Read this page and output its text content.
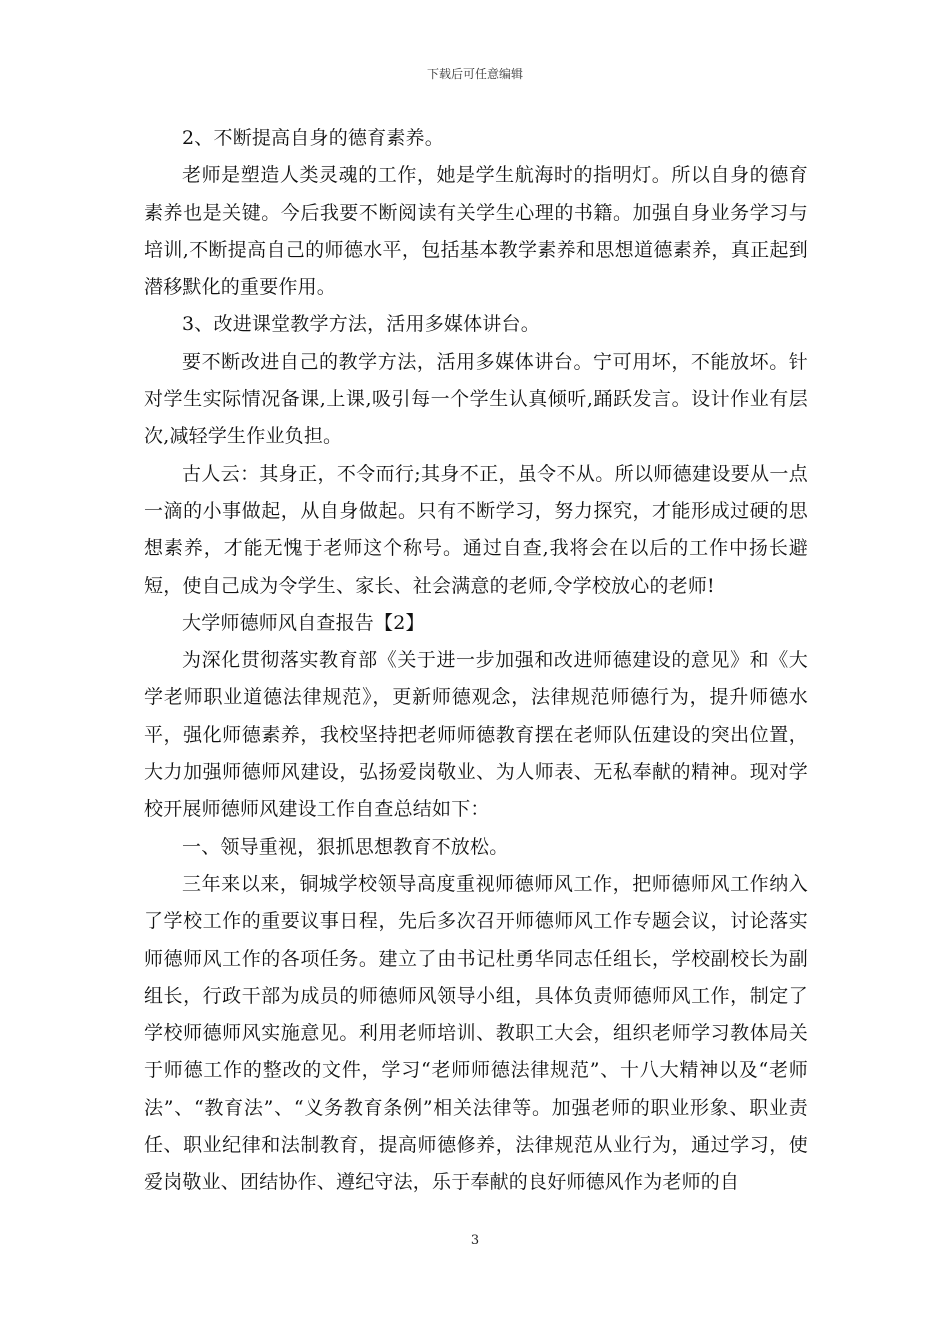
下载后可任意编辑

2、不断提高自身的德育素养。

老师是塑造人类灵魂的工作，她是学生航海时的指明灯。所以自身的德育素养也是关键。今后我要不断阅读有关学生心理的书籍。加强自身业务学习与培训,不断提高自己的师德水平，包括基本教学素养和思想道德素养，真正起到潜移默化的重要作用。

3、改进课堂教学方法，活用多媒体讲台。

要不断改进自己的教学方法，活用多媒体讲台。宁可用坏，不能放坏。针对学生实际情况备课,上课,吸引每一个学生认真倾听,踊跃发言。设计作业有层次,减轻学生作业负担。

古人云：其身正，不令而行;其身不正，虽令不从。所以师德建设要从一点一滴的小事做起，从自身做起。只有不断学习，努力探究，才能形成过硬的思想素养，才能无愧于老师这个称号。通过自查,我将会在以后的工作中扬长避短，使自己成为令学生、家长、社会满意的老师,令学校放心的老师!

大学师德师风自查报告【2】

为深化贯彻落实教育部《关于进一步加强和改进师德建设的意见》和《大学老师职业道德法律规范》，更新师德观念，法律规范师德行为，提升师德水平，强化师德素养，我校坚持把老师师德教育摆在老师队伍建设的突出位置，大力加强师德师风建设，弘扬爱岗敬业、为人师表、无私奉献的精神。现对学校开展师德师风建设工作自查总结如下：

一、领导重视，狠抓思想教育不放松。

三年来以来，铜城学校领导高度重视师德师风工作，把师德师风工作纳入了学校工作的重要议事日程，先后多次召开师德师风工作专题会议，讨论落实师德师风工作的各项任务。建立了由书记杜勇华同志任组长，学校副校长为副组长，行政干部为成员的师德师风领导小组，具体负责师德师风工作，制定了学校师德师风实施意见。利用老师培训、教职工大会，组织老师学习教体局关于师德工作的整改的文件，学习“老师师德法律规范”、十八大精神以及“老师法”、“教育法”、“义务教育条例”相关法律等。加强老师的职业形象、职业责任、职业纪律和法制教育，提高师德修养，法律规范从业行为，通过学习，使爱岗敬业、团结协作、遵纪守法，乐于奉献的良好师德风作为老师的自

3
